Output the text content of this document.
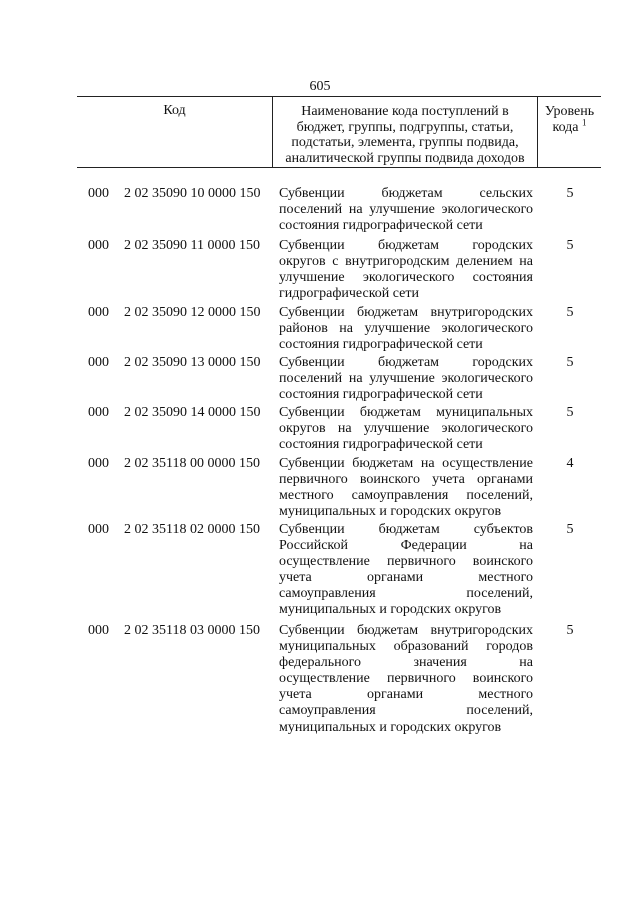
605
Код	Наименование кода поступлений в
бюджет, группы, подгруппы, статьи,
подстатьи, элемента, группы подвида,
аналитической группы подвида доходов
Уровень
кода $^1$
000 2 02 35090 10 0000 150 Субвенции бюджетам сельских
поселений на улучшение экологического
состояния гидрографической сети
5
000 2 02 35090 11 0000 150 Субвенции бюджетам городских
округов с внутригородским делением на
улучшение экологического состояния
гидрографической сети
5
000 2 02 35090 12 0000 150 Субвенции бюджетам внутригородских
районов на улучшение экологического
состояния гидрографической сети
5
000 2 02 35090 13 0000 150 Субвенции бюджетам городских
поселений на улучшение экологического
состояния гидрографической сети
5
000 2 02 35090 14 0000 150 Субвенции бюджетам муниципальных
округов на улучшение экологического
состояния гидрографической сети
5
000 2 02 35118 00 0000 150 Субвенции бюджетам на осуществление
первичного воинского учета органами
местного самоуправления поселений,
муниципальных и городских округов
4
000 2 02 35118 02 0000 150 Субвенции бюджетам субъектов
Российской Федерации на
осуществление первичного воинского
учета органами местного
самоуправления поселений,
муниципальных и городских округов
5
000 2 02 35118 03 0000 150 Субвенции бюджетам внутригородских
муниципальных образований городов
федерального значения на
осуществление первичного воинского
учета органами местного
самоуправления поселений,
муниципальных и городских округов
5
